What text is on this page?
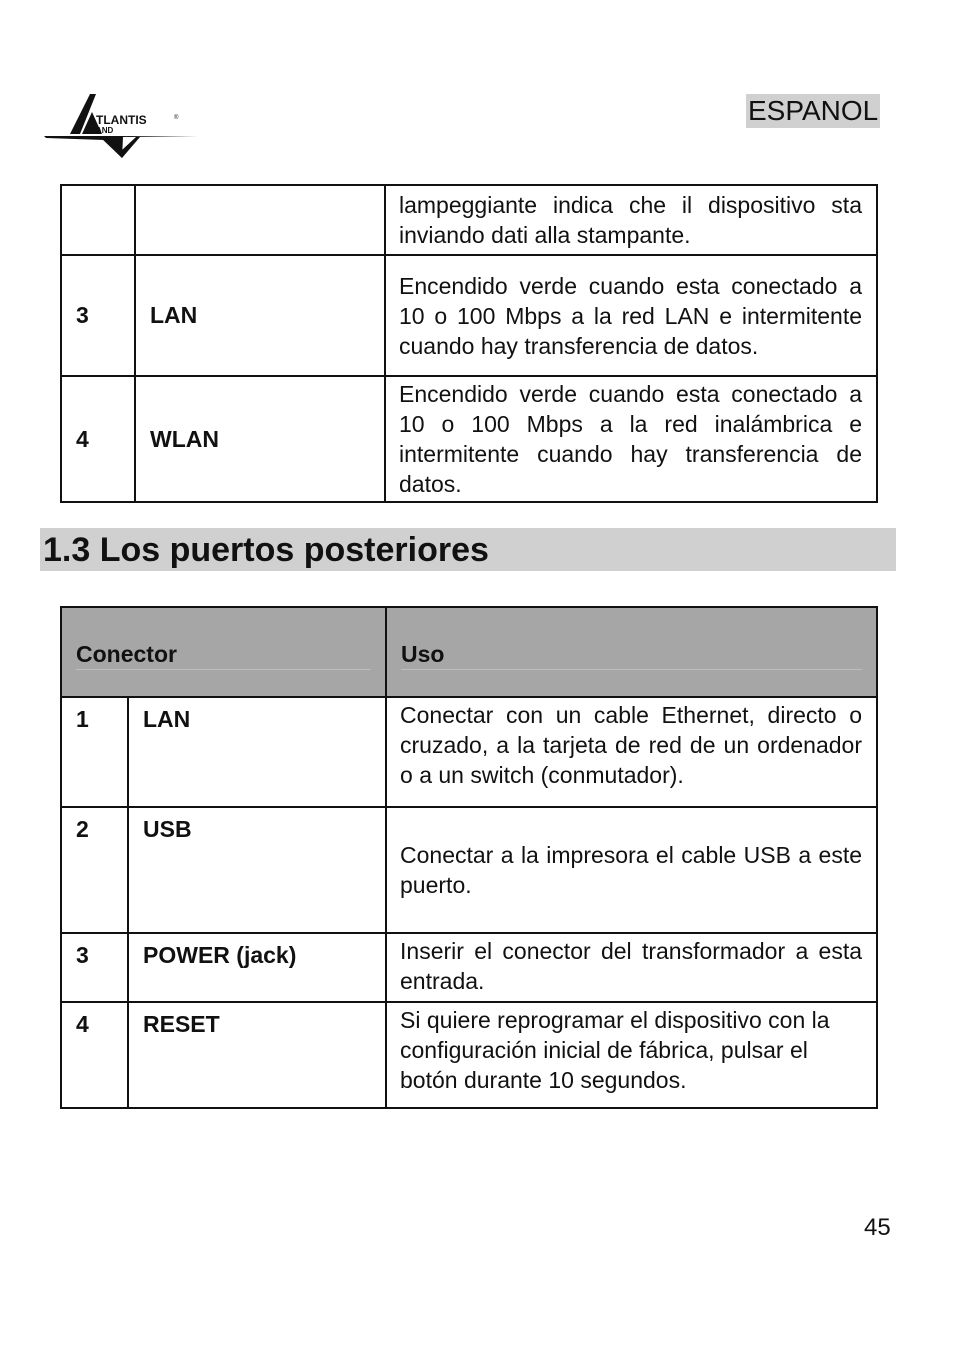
TLANTIS	®
AND
ESPANOL
		lampeggiante indica che il dispositivo sta inviando dati alla stampante.
3	LAN	Encendido verde cuando esta conectado a 10 o 100 Mbps a la red LAN e intermitente cuando hay transferencia de datos.
4	WLAN	Encendido verde cuando esta conectado a 10 o 100 Mbps a la red inalámbrica e intermitente cuando hay transferencia de datos.
1.3 Los puertos posteriores
Conector		Uso

1	LAN	Conectar con un cable Ethernet, directo o cruzado, a la tarjeta de red de un ordenador o a un switch (conmutador).
2	USB	Conectar a la impresora el cable USB a este puerto.
3	POWER (jack)	Inserir el conector del transformador a esta entrada.
4	RESET	Si quiere reprogramar el dispositivo con la configuración inicial de fábrica, pulsar el botón durante 10 segundos.
45
